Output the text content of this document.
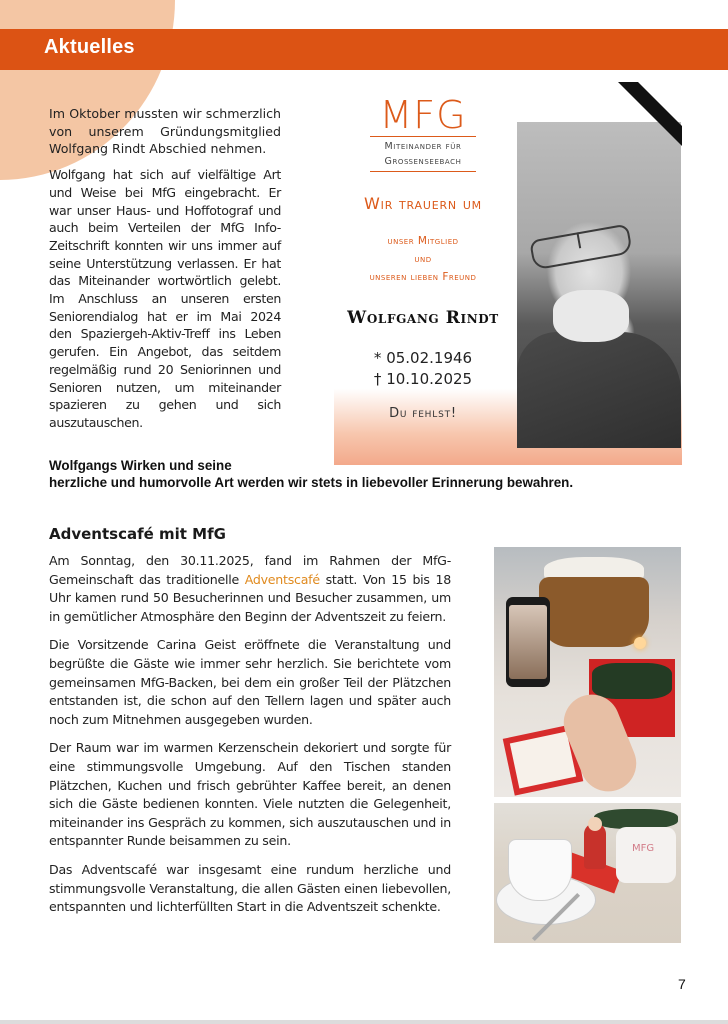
Aktuelles

Im Oktober mussten wir schmerzlich von unserem Gründungsmitglied Wolfgang Rindt Abschied nehmen.

Wolfgang hat sich auf vielfältige Art und Weise bei MfG eingebracht. Er war unser Haus- und Hoffotograf und auch beim Verteilen der MfG Info-Zeitschrift konnten wir uns immer auf seine Unterstützung verlassen. Er hat das Miteinander wortwörtlich gelebt. Im Anschluss an unseren ersten Seniorendialog hat er im Mai 2024 den Spaziergeh-Aktiv-Treff ins Leben gerufen. Ein Angebot, das seitdem regelmäßig rund 20 Seniorinnen und Senioren nutzen, um miteinander spazieren zu gehen und sich auszutauschen.

MFG
Miteinander für
Großenseebach
Wir trauern um
unser Mitglied
und
unseren lieben Freund
Wolfgang Rindt
* 05.02.1946
† 10.10.2025
Du fehlst!
Wolfgangs Wirken und seine
herzliche und humorvolle Art werden wir stets in liebevoller Erinnerung bewahren.
Adventscafé mit MfG

Am Sonntag, den 30.11.2025, fand im Rahmen der MfG-Gemeinschaft das traditionelle Adventscafé statt. Von 15 bis 18 Uhr kamen rund 50 Besucherinnen und Besucher zusammen, um in gemütlicher Atmosphäre den Beginn der Adventszeit zu feiern.

Die Vorsitzende Carina Geist eröffnete die Veranstaltung und begrüßte die Gäste wie immer sehr herzlich. Sie berichtete vom gemeinsamen MfG-Backen, bei dem ein großer Teil der Plätzchen entstanden ist, die schon auf den Tellern lagen und später auch noch zum Mitnehmen ausgegeben wurden.

Der Raum war im warmen Kerzenschein dekoriert und sorgte für eine stimmungsvolle Umgebung. Auf den Tischen standen Plätzchen, Kuchen und frisch gebrühter Kaffee bereit, an denen sich die Gäste bedienen konnten. Viele nutzten die Gelegenheit, miteinander ins Gespräch zu kommen, sich auszutauschen und in entspannter Runde beisammen zu sein.

Das Adventscafé war insgesamt eine rundum herzliche und stimmungsvolle Veranstaltung, die allen Gästen einen liebevollen, entspannten und lichterfüllten Start in die Adventszeit schenkte.

MFG
7
